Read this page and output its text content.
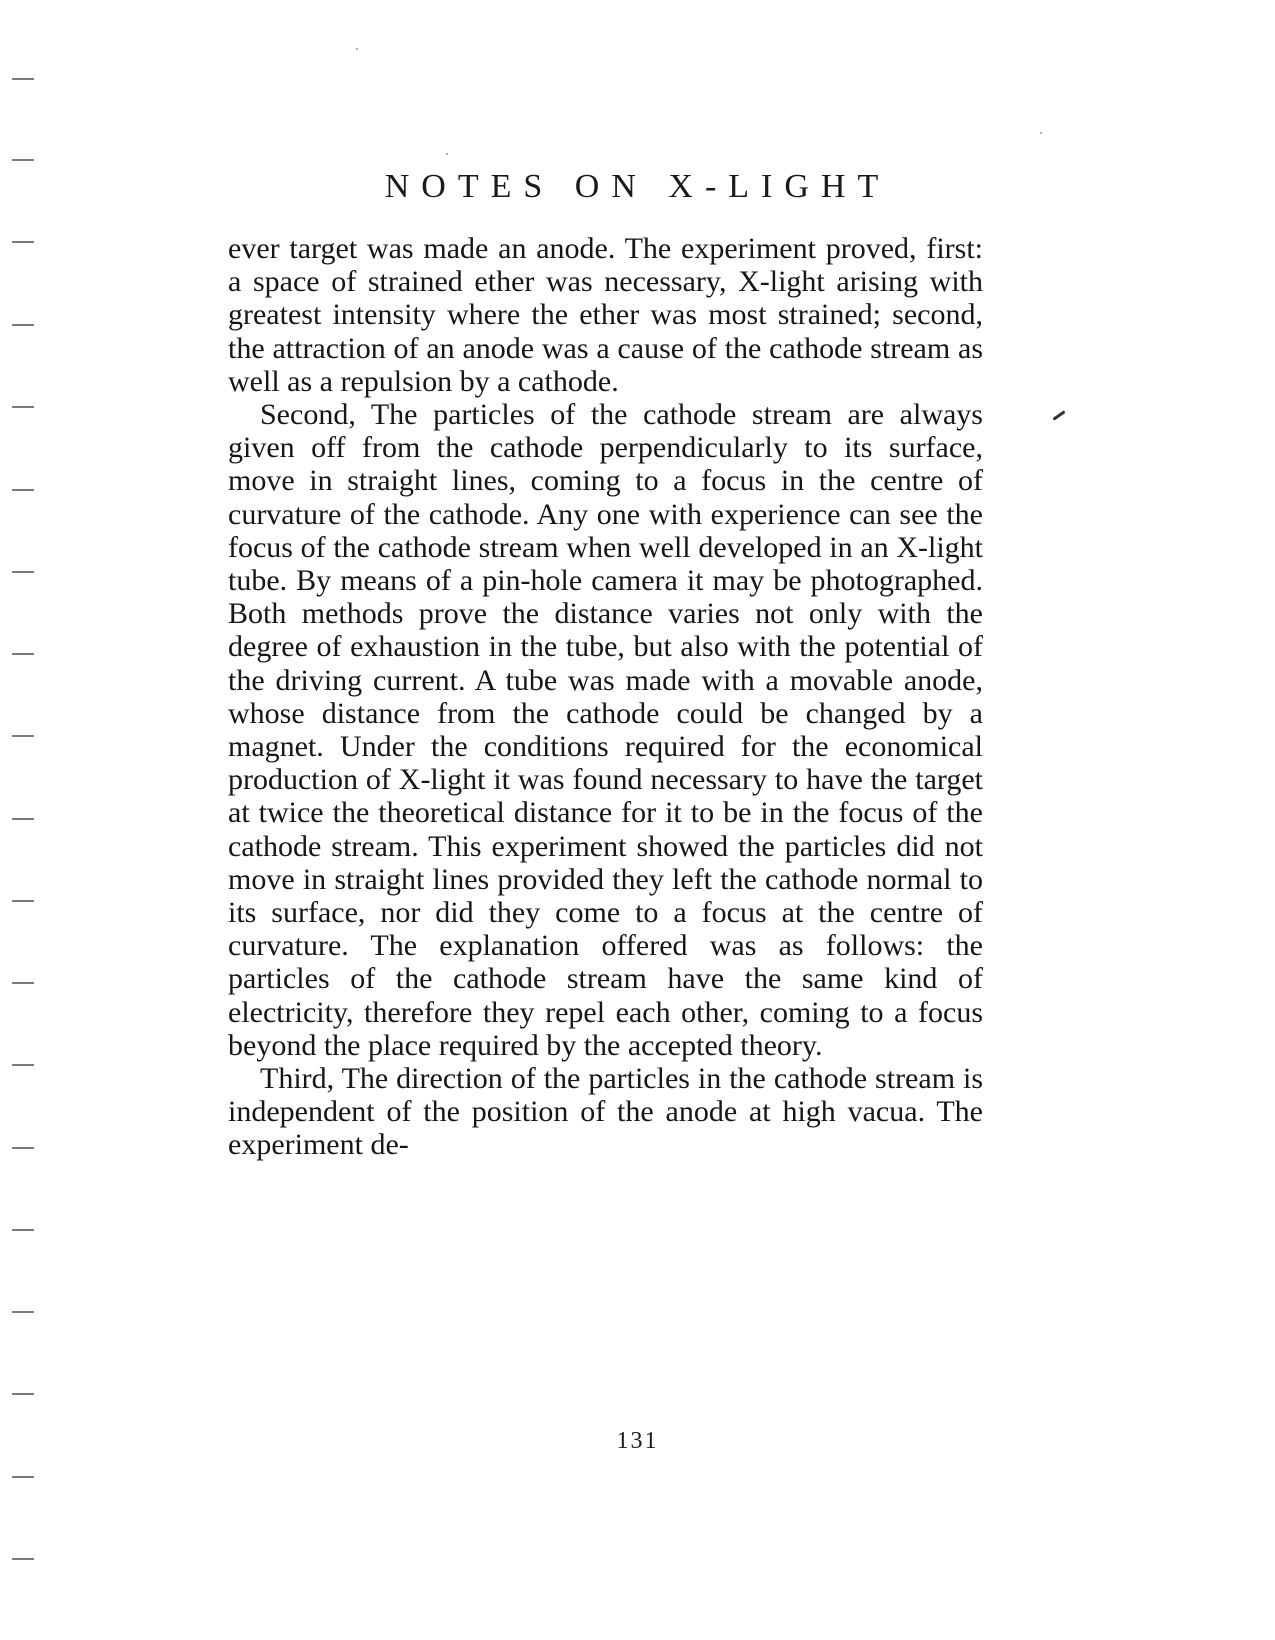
NOTES ON X-LIGHT

ever target was made an anode. The experiment proved, first: a space of strained ether was necessary, X-light arising with greatest intensity where the ether was most strained; second, the attraction of an anode was a cause of the cathode stream as well as a repulsion by a cathode.

Second, The particles of the cathode stream are always given off from the cathode perpendicularly to its surface, move in straight lines, coming to a focus in the centre of curvature of the cathode. Any one with experience can see the focus of the cathode stream when well developed in an X-light tube. By means of a pin-hole camera it may be photographed. Both methods prove the distance varies not only with the degree of exhaustion in the tube, but also with the potential of the driving current. A tube was made with a movable anode, whose distance from the cathode could be changed by a magnet. Under the conditions required for the economical production of X-light it was found necessary to have the target at twice the theoretical distance for it to be in the focus of the cathode stream. This experiment showed the particles did not move in straight lines provided they left the cathode normal to its surface, nor did they come to a focus at the centre of curvature. The explanation offered was as follows: the particles of the cathode stream have the same kind of electricity, therefore they repel each other, coming to a focus beyond the place required by the accepted theory.

Third, The direction of the particles in the cathode stream is independent of the position of the anode at high vacua. The experiment de-

131
